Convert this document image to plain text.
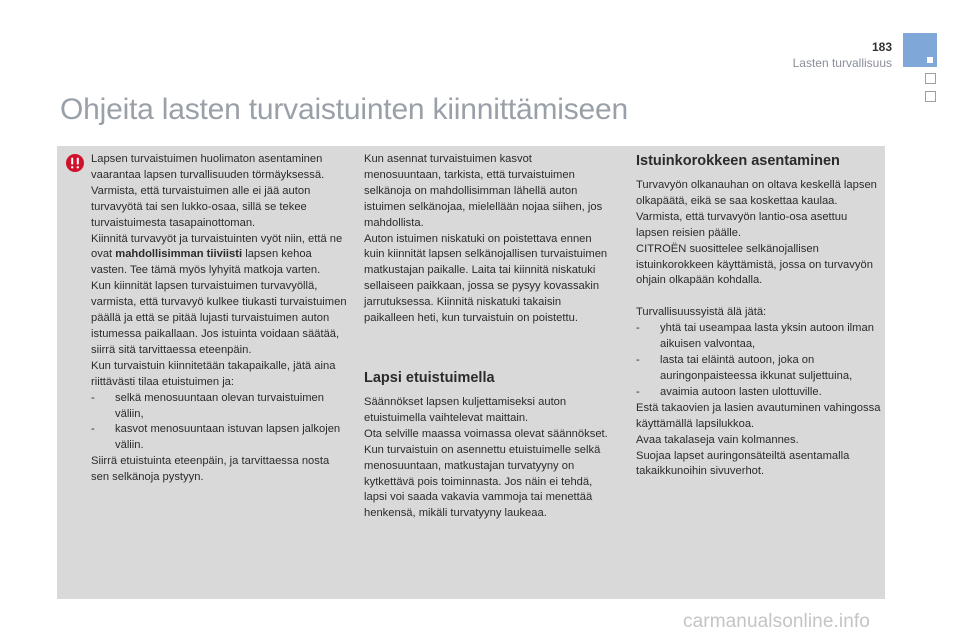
183
Lasten turvallisuus
Ohjeita lasten turvaistuinten kiinnittämiseen

Lapsen turvaistuimen huolimaton asentaminen vaarantaa lapsen turvallisuuden törmäyksessä.

Varmista, että turvaistuimen alle ei jää auton turvavyötä tai sen lukko-osaa, sillä se tekee turvaistuimesta tasapainottoman.

Kiinnitä turvavyöt ja turvaistuinten vyöt niin, että ne ovat mahdollisimman tiiviisti lapsen kehoa vasten. Tee tämä myös lyhyitä matkoja varten.

Kun kiinnität lapsen turvaistuimen turvavyöllä, varmista, että turvavyö kulkee tiukasti turvaistuimen päällä ja että se pitää lujasti turvaistuimen auton istumessa paikallaan. Jos istuinta voidaan säätää, siirrä sitä tarvittaessa eteenpäin.

Kun turvaistuin kiinnitetään takapaikalle, jätä aina riittävästi tilaa etuistuimen ja:

-	selkä menosuuntaan olevan turvaistuimen väliin,
-	kasvot menosuuntaan istuvan lapsen jalkojen väliin.

Siirrä etuistuinta eteenpäin, ja tarvittaessa nosta sen selkänoja pystyyn.

Kun asennat turvaistuimen kasvot menosuuntaan, tarkista, että turvaistuimen selkänoja on mahdollisimman lähellä auton istuimen selkänojaa, mielellään nojaa siihen, jos mahdollista.

Auton istuimen niskatuki on poistettava ennen kuin kiinnität lapsen selkänojallisen turvaistuimen matkustajan paikalle. Laita tai kiinnitä niskatuki sellaiseen paikkaan, jossa se pysyy kovassakin jarrutuksessa. Kiinnitä niskatuki takaisin paikalleen heti, kun turvaistuin on poistettu.

Lapsi etuistuimella

Säännökset lapsen kuljettamiseksi auton etuistuimella vaihtelevat maittain.

Ota selville maassa voimassa olevat säännökset.

Kun turvaistuin on asennettu etuistuimelle selkä menosuuntaan, matkustajan turvatyyny on kytkettävä pois toiminnasta. Jos näin ei tehdä, lapsi voi saada vakavia vammoja tai menettää henkensä, mikäli turvatyyny laukeaa.

Istuinkorokkeen asentaminen

Turvavyön olkanauhan on oltava keskellä lapsen olkapäätä, eikä se saa koskettaa kaulaa.

Varmista, että turvavyön lantio-osa asettuu lapsen reisien päälle.

CITROËN suosittelee selkänojallisen istuinkorokkeen käyttämistä, jossa on turvavyön ohjain olkapään kohdalla.

Turvallisuussyistä älä jätä:

-	yhtä tai useampaa lasta yksin autoon ilman aikuisen valvontaa,
-	lasta tai eläintä autoon, joka on auringonpaisteessa ikkunat suljettuina,
-	avaimia autoon lasten ulottuville.

Estä takaovien ja lasien avautuminen vahingossa käyttämällä lapsilukkoa.

Avaa takalaseja vain kolmannes.

Suojaa lapset auringonsäteiltä asentamalla takaikkunoihin sivuverhot.

carmanualsonline.info
